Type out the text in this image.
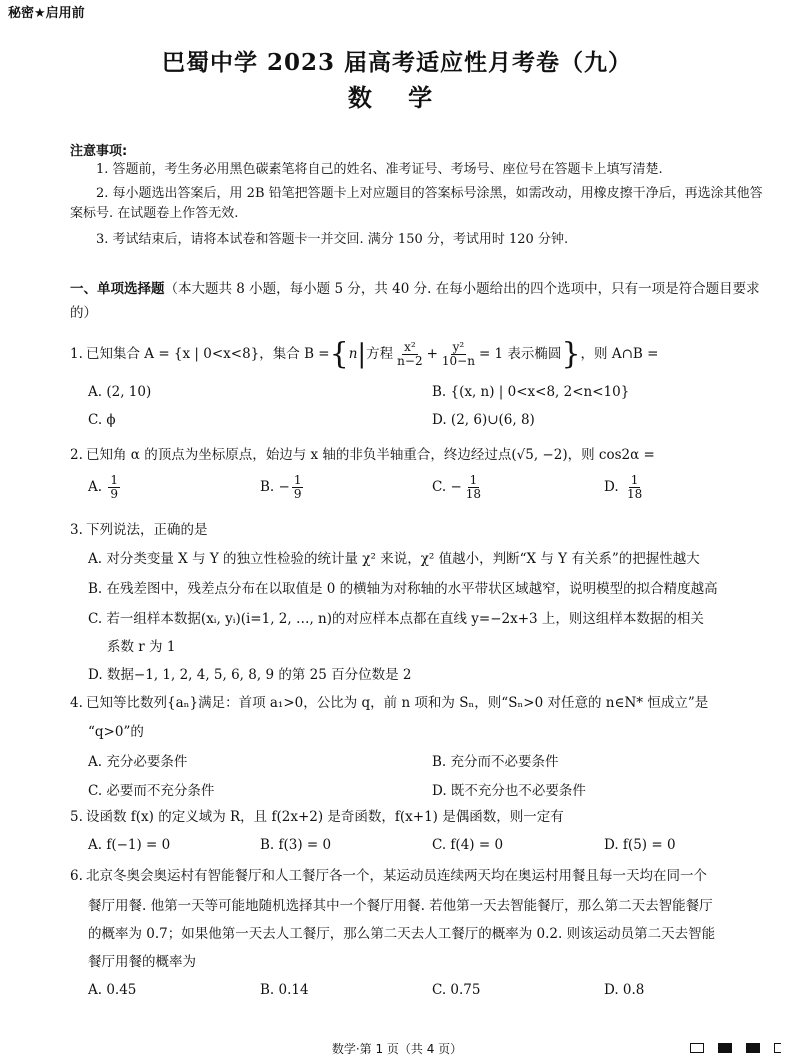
秘密★启用前
巴蜀中学 2023 届高考适应性月考卷（九）
数 学
注意事项:
1. 答题前，考生务必用黑色碳素笔将自己的姓名、准考证号、考场号、座位号在答题卡上填写清楚.
2. 每小题选出答案后，用 2B 铅笔把答题卡上对应题目的答案标号涂黑，如需改动，用橡皮擦干净后，再选涂其他答案标号. 在试题卷上作答无效.
3. 考试结束后，请将本试卷和答题卡一并交回. 满分 150 分，考试用时 120 分钟.
一、单项选择题（本大题共 8 小题，每小题 5 分，共 40 分. 在每小题给出的四个选项中，只有一项是符合题目要求的）
1. 已知集合 A = {x | 0<x<8}，集合 B ={n|方程 $\frac{\text{x²}}{n-2} + \frac{\text{y²}}{10-n} = 1$ 表示椭圆}，则 A∩B =
A. (2, 10)	B. {(x, n) | 0<x<8, 2<n<10}
C. ϕ	D. (2, 6)∪(6, 8)
2. 已知角 α 的顶点为坐标原点，始边与 x 轴的非负半轴重合，终边经过点(√5, −2)，则 cos2α =
A. $\frac{1}{9}$	B. − $\frac{1}{9}$	C. − $\frac{1}{18}$	D. $\frac{1}{18}$
3. 下列说法，正确的是
A. 对分类变量 X 与 Y 的独立性检验的统计量 χ² 来说，χ² 值越小，判断“X 与 Y 有关系”的把握性越大
B. 在残差图中，残差点分布在以取值是 0 的横轴为对称轴的水平带状区域越窄，说明模型的拟合精度越高
C. 若一组样本数据(xᵢ, yᵢ)(i=1, 2, …, n)的对应样本点都在直线 y=−2x+3 上，则这组样本数据的相关
系数 r 为 1
D. 数据−1, 1, 2, 4, 5, 6, 8, 9 的第 25 百分位数是 2
4. 已知等比数列{aₙ}满足：首项 a₁>0，公比为 q，前 n 项和为 Sₙ，则“Sₙ>0 对任意的 n∈N* 恒成立”是
“q>0”的
A. 充分必要条件	B. 充分而不必要条件
C. 必要而不充分条件	D. 既不充分也不必要条件
5. 设函数 f(x) 的定义域为 R，且 f(2x+2) 是奇函数，f(x+1) 是偶函数，则一定有
A. f(−1) = 0	B. f(3) = 0	C. f(4) = 0	D. f(5) = 0
6. 北京冬奥会奥运村有智能餐厅和人工餐厅各一个，某运动员连续两天均在奥运村用餐且每一天均在同一个
餐厅用餐. 他第一天等可能地随机选择其中一个餐厅用餐. 若他第一天去智能餐厅，那么第二天去智能餐厅
的概率为 0.7；如果他第一天去人工餐厅，那么第二天去人工餐厅的概率为 0.2. 则该运动员第二天去智能
餐厅用餐的概率为
A. 0.45	B. 0.14	C. 0.75	D. 0.8
数学·第 1 页（共 4 页）
